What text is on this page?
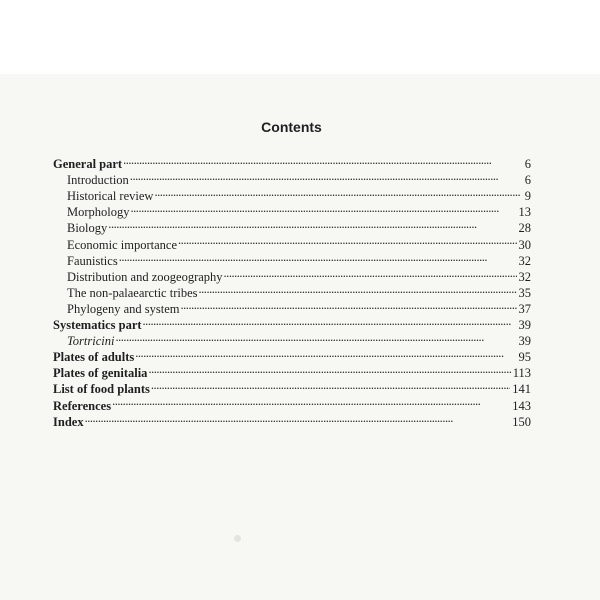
Contents
General part . . .	6
Introduction . . .	6
Historical review . . .	9
Morphology . . .	13
Biology . . .	28
Economic importance . . .	30
Faunistics . . .	32
Distribution and zoogeography . . .	32
The non-palaearctic tribes . . .	35
Phylogeny and system . . .	37
Systematics part . . .	39
Tortricini . . .	39
Plates of adults . . .	95
Plates of genitalia . . .	113
List of food plants . . .	141
References . . .	143
Index . . .	150
